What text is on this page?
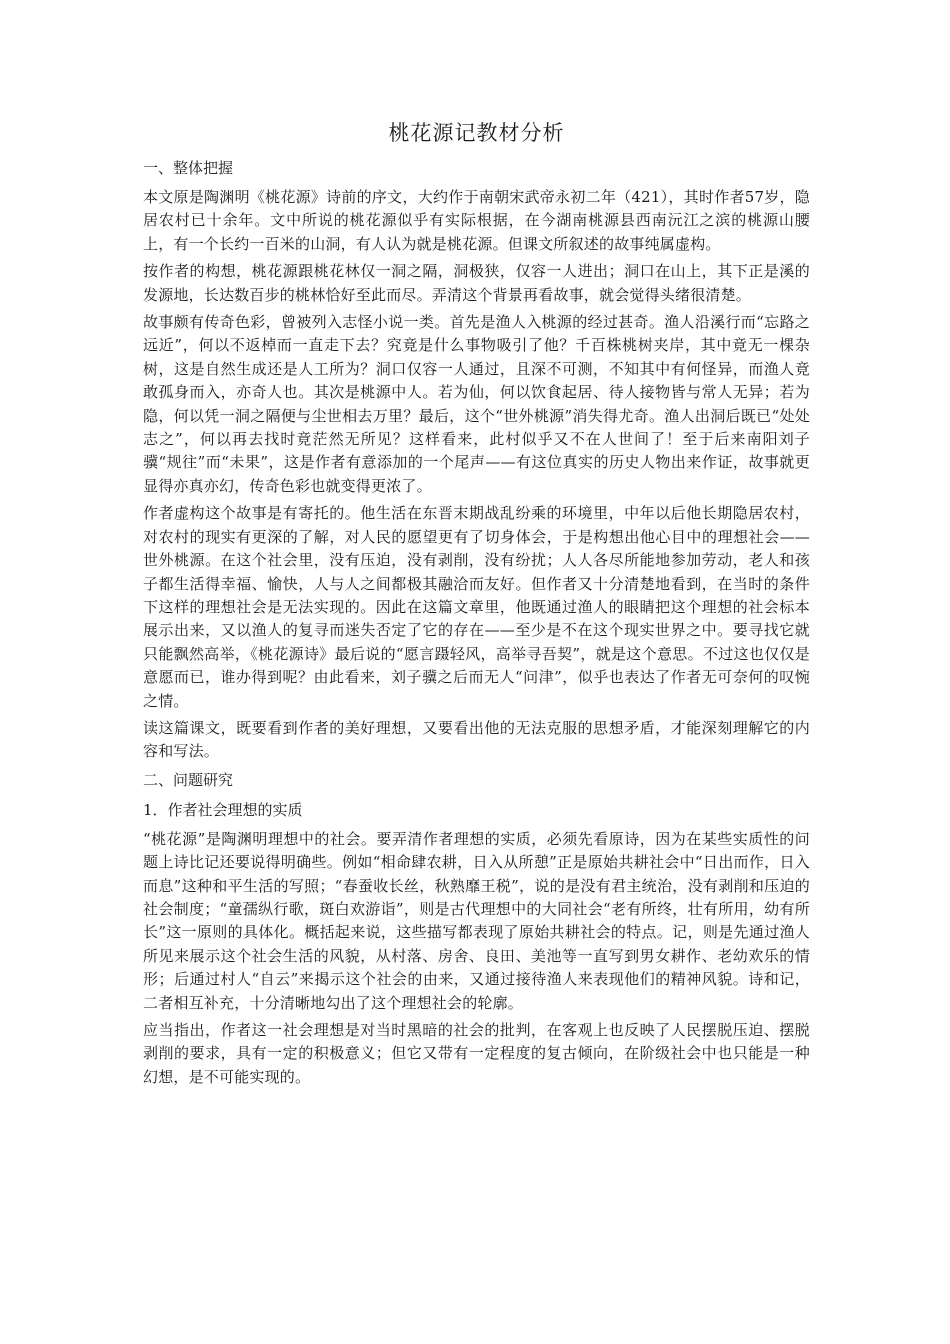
桃花源记教材分析
一、整体把握

本文原是陶渊明《桃花源》诗前的序文，大约作于南朝宋武帝永初二年（421），其时作者57岁，隐居农村已十余年。文中所说的桃花源似乎有实际根据，在今湖南桃源县西南沅江之滨的桃源山腰上，有一个长约一百米的山洞，有人认为就是桃花源。但课文所叙述的故事纯属虚构。

按作者的构想，桃花源跟桃花林仅一洞之隔，洞极狭，仅容一人进出；洞口在山上，其下正是溪的发源地，长达数百步的桃林恰好至此而尽。弄清这个背景再看故事，就会觉得头绪很清楚。

故事颇有传奇色彩，曾被列入志怪小说一类。首先是渔人入桃源的经过甚奇。渔人沿溪行而“忘路之远近”，何以不返棹而一直走下去？究竟是什么事物吸引了他？千百株桃树夹岸，其中竟无一棵杂树，这是自然生成还是人工所为？洞口仅容一人通过，且深不可测，不知其中有何怪异，而渔人竟敢孤身而入，亦奇人也。其次是桃源中人。若为仙，何以饮食起居、待人接物皆与常人无异；若为隐，何以凭一洞之隔便与尘世相去万里？最后，这个“世外桃源”消失得尤奇。渔人出洞后既已“处处志之”，何以再去找时竟茫然无所见？这样看来，此村似乎又不在人世间了！至于后来南阳刘子骥“规往”而“未果”，这是作者有意添加的一个尾声——有这位真实的历史人物出来作证，故事就更显得亦真亦幻，传奇色彩也就变得更浓了。

作者虚构这个故事是有寄托的。他生活在东晋末期战乱纷乘的环境里，中年以后他长期隐居农村，对农村的现实有更深的了解，对人民的愿望更有了切身体会，于是构想出他心目中的理想社会——世外桃源。在这个社会里，没有压迫，没有剥削，没有纷扰；人人各尽所能地参加劳动，老人和孩子都生活得幸福、愉快，人与人之间都极其融洽而友好。但作者又十分清楚地看到，在当时的条件下这样的理想社会是无法实现的。因此在这篇文章里，他既通过渔人的眼睛把这个理想的社会标本展示出来，又以渔人的复寻而迷失否定了它的存在——至少是不在这个现实世界之中。要寻找它就只能飘然高举，《桃花源诗》最后说的“愿言蹑轻风，高举寻吾契”，就是这个意思。不过这也仅仅是意愿而已，谁办得到呢？由此看来，刘子骥之后而无人“问津”，似乎也表达了作者无可奈何的叹惋之情。

读这篇课文，既要看到作者的美好理想，又要看出他的无法克服的思想矛盾，才能深刻理解它的内容和写法。

二、问题研究
1．作者社会理想的实质

“桃花源”是陶渊明理想中的社会。要弄清作者理想的实质，必须先看原诗，因为在某些实质性的问题上诗比记还要说得明确些。例如“相命肆农耕，日入从所憩”正是原始共耕社会中“日出而作，日入而息”这种和平生活的写照；“春蚕收长丝，秋熟靡王税”，说的是没有君主统治，没有剥削和压迫的社会制度；“童孺纵行歌，斑白欢游诣”，则是古代理想中的大同社会“老有所终，壮有所用，幼有所长”这一原则的具体化。概括起来说，这些描写都表现了原始共耕社会的特点。记，则是先通过渔人所见来展示这个社会生活的风貌，从村落、房舍、良田、美池等一直写到男女耕作、老幼欢乐的情形；后通过村人“自云”来揭示这个社会的由来，又通过接待渔人来表现他们的精神风貌。诗和记，二者相互补充，十分清晰地勾出了这个理想社会的轮廓。

应当指出，作者这一社会理想是对当时黑暗的社会的批判，在客观上也反映了人民摆脱压迫、摆脱剥削的要求，具有一定的积极意义；但它又带有一定程度的复古倾向，在阶级社会中也只能是一种幻想，是不可能实现的。
